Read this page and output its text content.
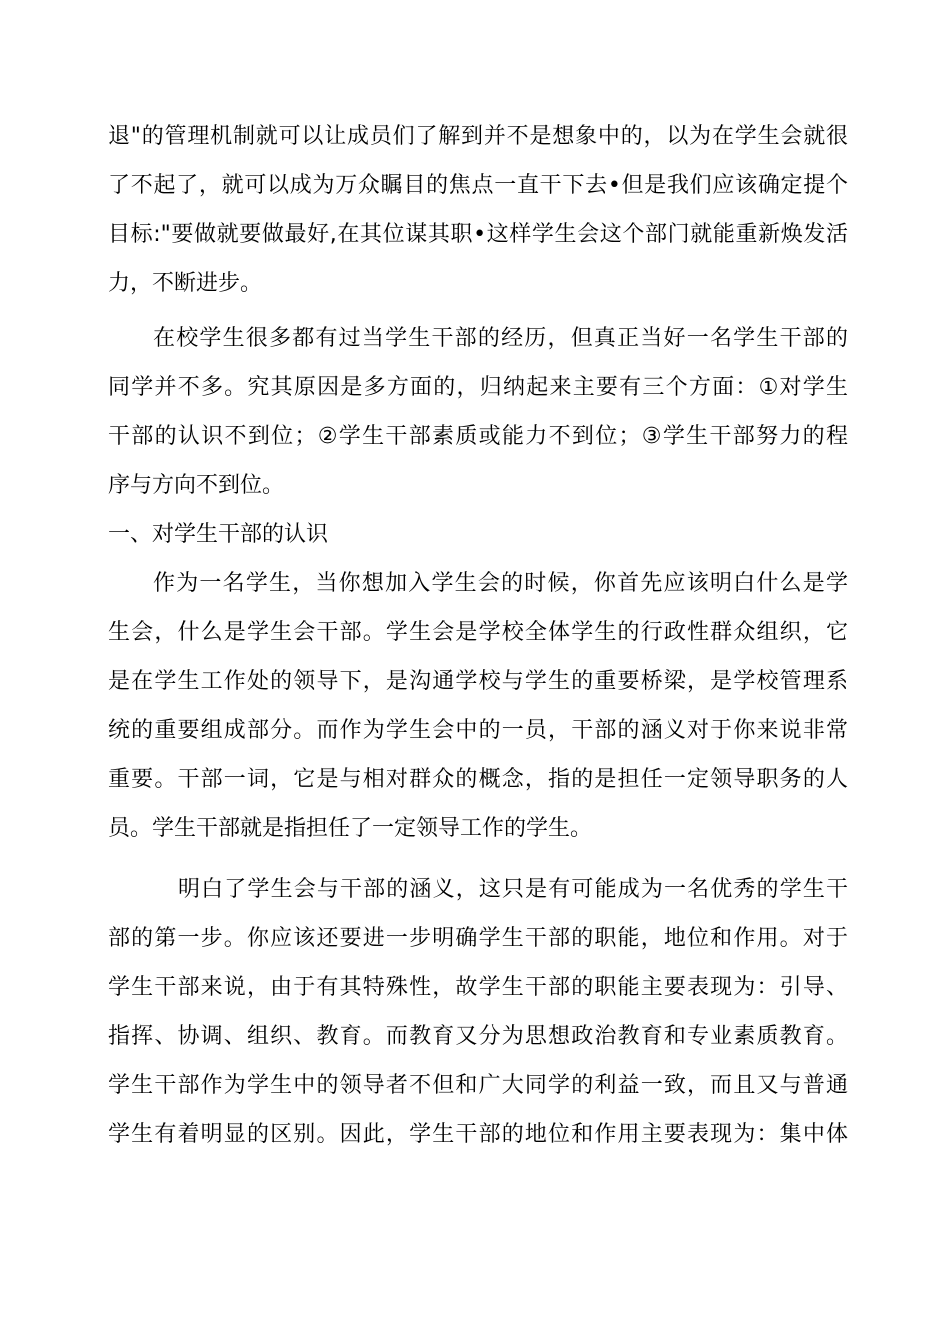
退"的管理机制就可以让成员们了解到并不是想象中的，以为在学生会就很
了不起了，就可以成为万众瞩目的焦点一直干下去•但是我们应该确定提个
目标:"要做就要做最好,在其位谋其职•这样学生会这个部门就能重新焕发活
力，不断进步。
在校学生很多都有过当学生干部的经历，但真正当好一名学生干部的
同学并不多。究其原因是多方面的，归纳起来主要有三个方面：①对学生
干部的认识不到位；②学生干部素质或能力不到位；③学生干部努力的程
序与方向不到位。
一、对学生干部的认识
作为一名学生，当你想加入学生会的时候，你首先应该明白什么是学
生会，什么是学生会干部。学生会是学校全体学生的行政性群众组织，它
是在学生工作处的领导下，是沟通学校与学生的重要桥梁，是学校管理系
统的重要组成部分。而作为学生会中的一员，干部的涵义对于你来说非常
重要。干部一词，它是与相对群众的概念，指的是担任一定领导职务的人
员。学生干部就是指担任了一定领导工作的学生。
明白了学生会与干部的涵义，这只是有可能成为一名优秀的学生干
部的第一步。你应该还要进一步明确学生干部的职能，地位和作用。对于
学生干部来说，由于有其特殊性，故学生干部的职能主要表现为：引导、
指挥、协调、组织、教育。而教育又分为思想政治教育和专业素质教育。
学生干部作为学生中的领导者不但和广大同学的利益一致，而且又与普通
学生有着明显的区别。因此，学生干部的地位和作用主要表现为：集中体
